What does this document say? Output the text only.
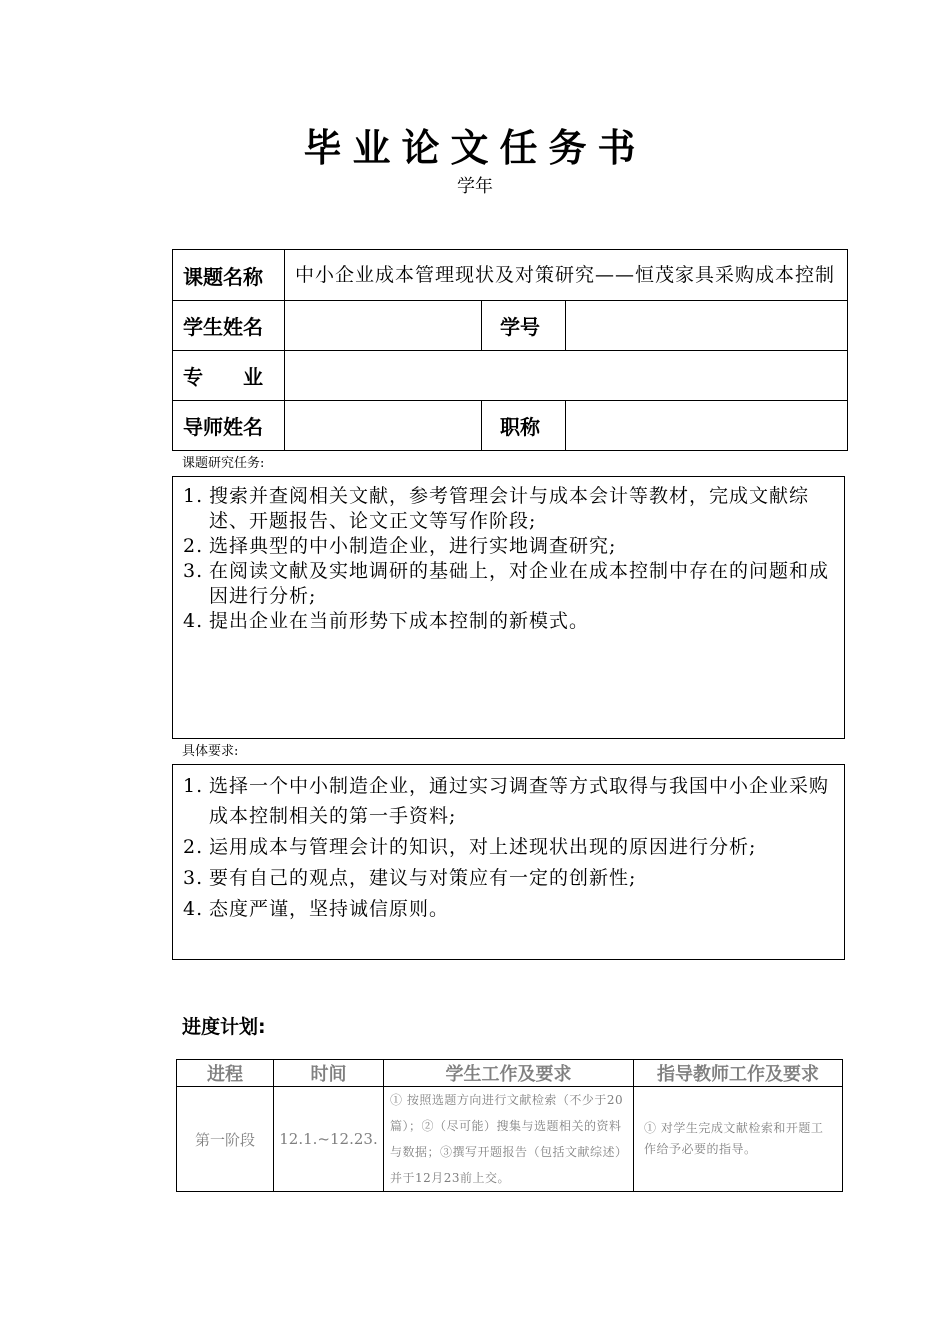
毕业论文任务书
学年
课题名称	中小企业成本管理现状及对策研究——恒茂家具采购成本控制		
学生姓名		学号	
专　　业			
导师姓名		职称	
课题研究任务:
1. 搜索并查阅相关文献，参考管理会计与成本会计等教材，完成文献综述、开题报告、论文正文等写作阶段;
2. 选择典型的中小制造企业，进行实地调查研究;
3. 在阅读文献及实地调研的基础上，对企业在成本控制中存在的问题和成因进行分析;
4. 提出企业在当前形势下成本控制的新模式。
具体要求:
1. 选择一个中小制造企业，通过实习调查等方式取得与我国中小企业采购成本控制相关的第一手资料;
2. 运用成本与管理会计的知识，对上述现状出现的原因进行分析;
3. 要有自己的观点，建议与对策应有一定的创新性;
4. 态度严谨，坚持诚信原则。
进度计划:
进程	时间	学生工作及要求	指导教师工作及要求
第一阶段	12.1.~12.23.	① 按照选题方向进行文献检索（不少于20篇）；②（尽可能）搜集与选题相关的资料与数据；③撰写开题报告（包括文献综述）并于12月23前上交。	① 对学生完成文献检索和开题工作给予必要的指导。
